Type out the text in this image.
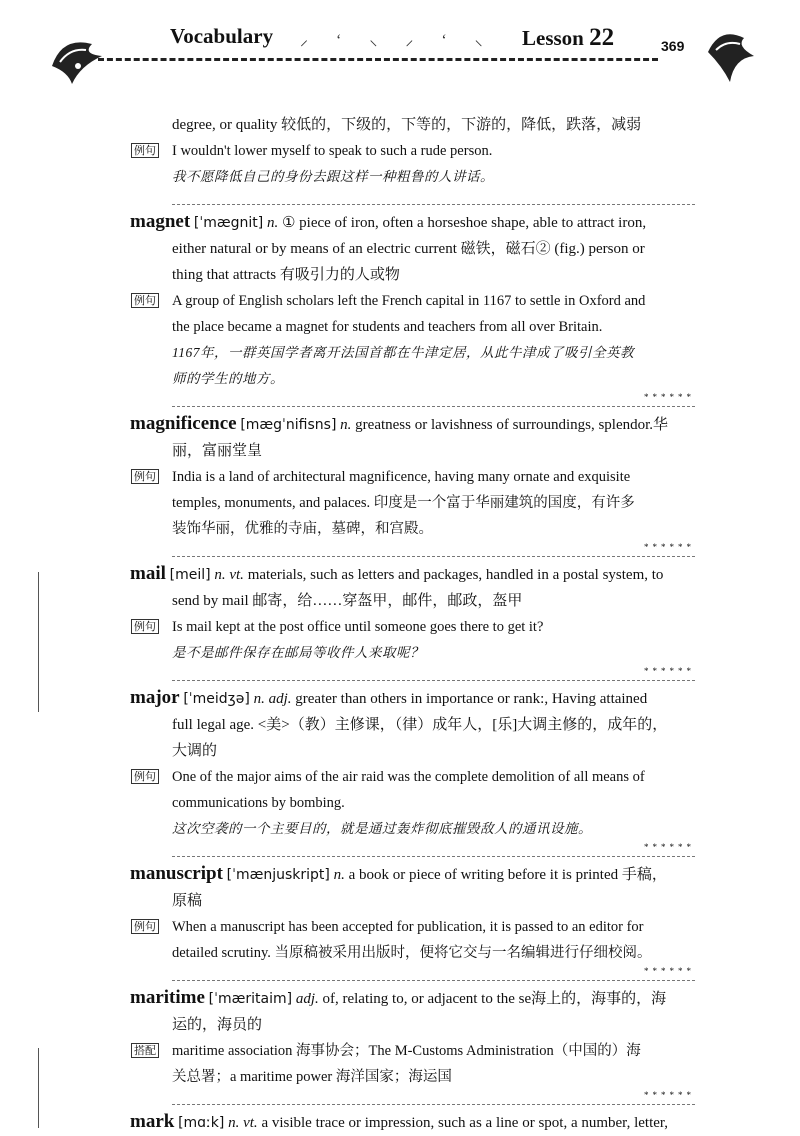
Vocabulary ⸝ ʻ ⸜ ⸝ ʻ ⸜ Lesson 22	369
degree, or quality 较低的，下级的，下等的，下游的，降低，跌落，减弱
例句 I wouldn't lower myself to speak to such a rude person.
我不愿降低自己的身份去跟这样一种粗鲁的人讲话。
magnet [ˈmægnit] n. ① piece of iron, often a horseshoe shape, able to attract iron,
either natural or by means of an electric current 磁铁，磁石② (fig.) person or
thing that attracts 有吸引力的人或物
例句 A group of English scholars left the French capital in 1167 to settle in Oxford and
the place became a magnet for students and teachers from all over Britain.
1167年，一群英国学者离开法国首都在牛津定居，从此牛津成了吸引全英教
师的学生的地方。
******
magnificence [mægˈnifisns] n. greatness or lavishness of surroundings, splendor.华
丽，富丽堂皇
例句 India is a land of architectural magnificence, having many ornate and exquisite
temples, monuments, and palaces. 印度是一个富于华丽建筑的国度，有许多
装饰华丽，优雅的寺庙，墓碑，和宫殿。
******
mail [meil] n. vt. materials, such as letters and packages, handled in a postal system, to
send by mail 邮寄，给……穿盔甲，邮件，邮政，盔甲
例句 Is mail kept at the post office until someone goes there to get it?
是不是邮件保存在邮局等收件人来取呢？
******
major [ˈmeidʒə] n. adj. greater than others in importance or rank:, Having attained
full legal age. <美>（教）主修课，（律）成年人，[乐]大调主修的，成年的，
大调的
例句 One of the major aims of the air raid was the complete demolition of all means of
communications by bombing.
这次空袭的一个主要目的，就是通过轰炸彻底摧毁敌人的通讯设施。
******
manuscript [ˈmænjuskript] n. a book or piece of writing before it is printed 手稿，
原稿
例句 When a manuscript has been accepted for publication, it is passed to an editor for
detailed scrutiny. 当原稿被采用出版时，便将它交与一名编辑进行仔细校阅。
******
maritime [ˈmæritaim] adj. of, relating to, or adjacent to the se海上的，海事的，海
运的，海员的
搭配 maritime association 海事协会；The M-Customs Administration（中国的）海
关总署；a maritime power 海洋国家；海运国
******
mark [mɑːk] n. vt. a visible trace or impression, such as a line or spot, a number, letter,
